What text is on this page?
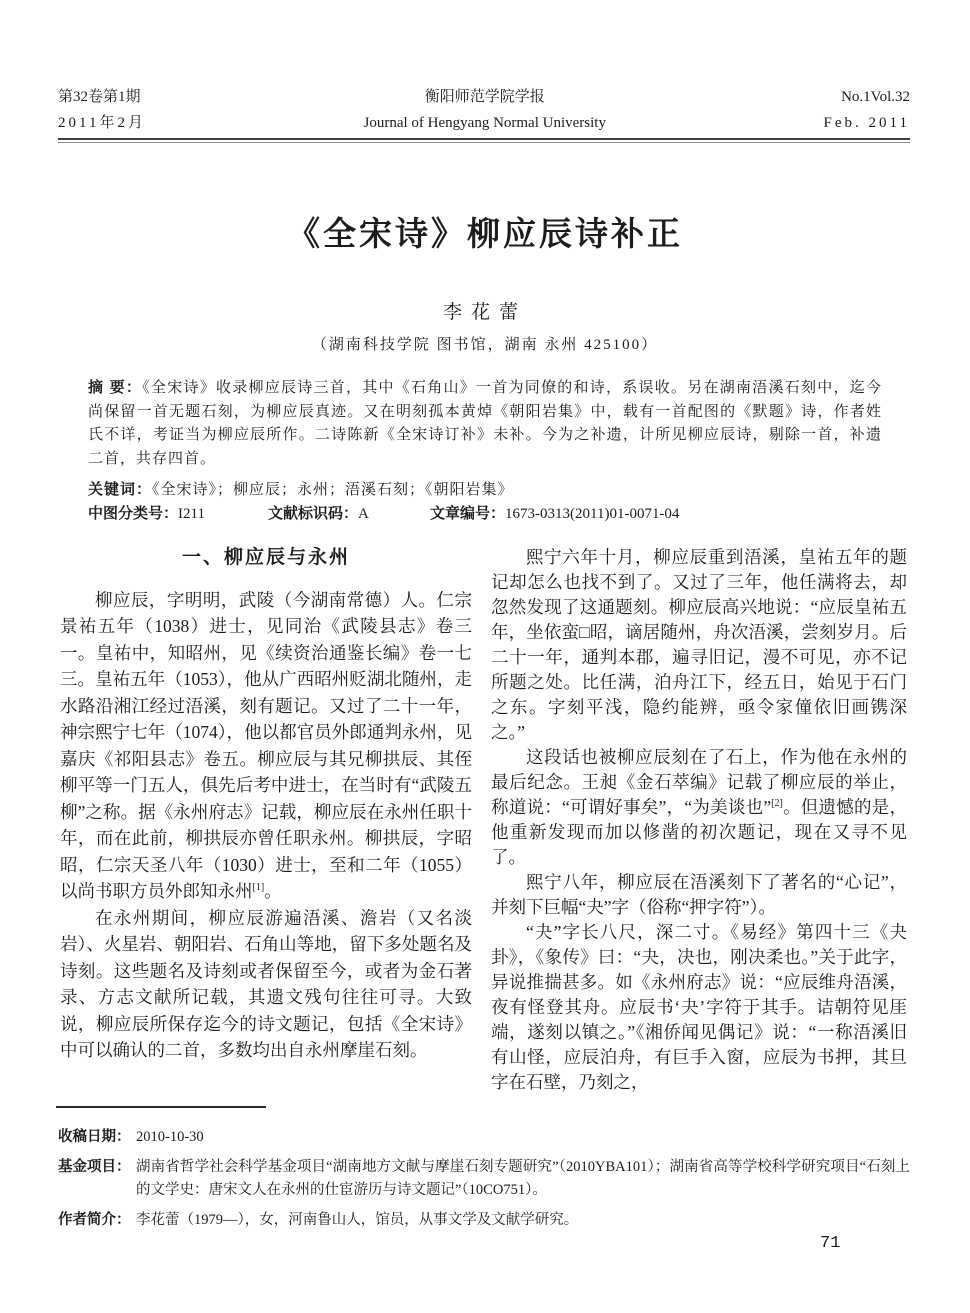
第32卷第1期
2011年2月
衡阳师范学院学报
Journal of Hengyang Normal University
No.1Vol.32
Feb. 2011
《全宋诗》柳应辰诗补正
李花蕾
（湖南科技学院 图书馆，湖南 永州 425100）
摘 要：《全宋诗》收录柳应辰诗三首，其中《石角山》一首为同僚的和诗，系误收。另在湖南浯溪石刻中，迄今尚保留一首无题石刻，为柳应辰真迹。又在明刻孤本黄焯《朝阳岩集》中，载有一首配图的《默题》诗，作者姓氏不详，考证当为柳应辰所作。二诗陈新《全宋诗订补》未补。今为之补遗，计所见柳应辰诗，剔除一首，补遗二首，共存四首。
关键词：《全宋诗》；柳应辰；永州；浯溪石刻；《朝阳岩集》
中图分类号：I211	文献标识码：A	文章编号：1673-0313(2011)01-0071-04
一、柳应辰与永州

柳应辰，字明明，武陵（今湖南常德）人。仁宗景祐五年（1038）进士，见同治《武陵县志》卷三一。皇祐中，知昭州，见《续资治通鉴长编》卷一七三。皇祐五年（1053），他从广西昭州贬湖北随州，走水路沿湘江经过浯溪，刻有题记。又过了二十一年，神宗熙宁七年（1074），他以都官员外郎通判永州，见嘉庆《祁阳县志》卷五。柳应辰与其兄柳拱辰、其侄柳平等一门五人，俱先后考中进士，在当时有“武陵五柳”之称。据《永州府志》记载，柳应辰在永州任职十年，而在此前，柳拱辰亦曾任职永州。柳拱辰，字昭昭，仁宗天圣八年（1030）进士，至和二年（1055）以尚书职方员外郎知永州[1]。

在永州期间，柳应辰游遍浯溪、澹岩（又名淡岩）、火星岩、朝阳岩、石角山等地，留下多处题名及诗刻。这些题名及诗刻或者保留至今，或者为金石著录、方志文献所记载，其遗文残句往往可寻。大致说，柳应辰所保存迄今的诗文题记，包括《全宋诗》中可以确认的二首，多数均出自永州摩崖石刻。

熙宁六年十月，柳应辰重到浯溪，皇祐五年的题记却怎么也找不到了。又过了三年，他任满将去，却忽然发现了这通题刻。柳应辰高兴地说：“应辰皇祐五年，坐依蛮□昭，谪居随州，舟次浯溪，尝刻岁月。后二十一年，通判本郡，遍寻旧记，漫不可见，亦不记所题之处。比任满，泊舟江下，经五日，始见于石门之东。字刻平浅，隐约能辨，亟令家僮依旧画镌深之。”

这段话也被柳应辰刻在了石上，作为他在永州的最后纪念。王昶《金石萃编》记载了柳应辰的举止，称道说：“可谓好事矣”，“为美谈也”[2]。但遗憾的是，他重新发现而加以修凿的初次题记，现在又寻不见了。

熙宁八年，柳应辰在浯溪刻下了著名的“心记”，并刻下巨幅“夬”字（俗称“押字符”）。

“夬”字长八尺，深二寸。《易经》第四十三《夬卦》，《象传》曰：“夬，决也，刚决柔也。”关于此字，异说推揣甚多。如《永州府志》说：“应辰维舟浯溪，夜有怪登其舟。应辰书‘夬’字符于其手。诘朝符见厓端，遂刻以镇之。”《湘侨闻见偶记》说：“一称浯溪旧有山怪，应辰泊舟，有巨手入窗，应辰为书押，其旦字在石壁，乃刻之，

收稿日期： 2010-10-30
基金项目： 湖南省哲学社会科学基金项目“湖南地方文献与摩崖石刻专题研究”（2010YBA101）；湖南省高等学校科学研究项目“石刻上的文学史：唐宋文人在永州的仕宦游历与诗文题记”（10CO751）。
作者简介： 李花蕾（1979—），女，河南鲁山人，馆员，从事文学及文献学研究。
71
